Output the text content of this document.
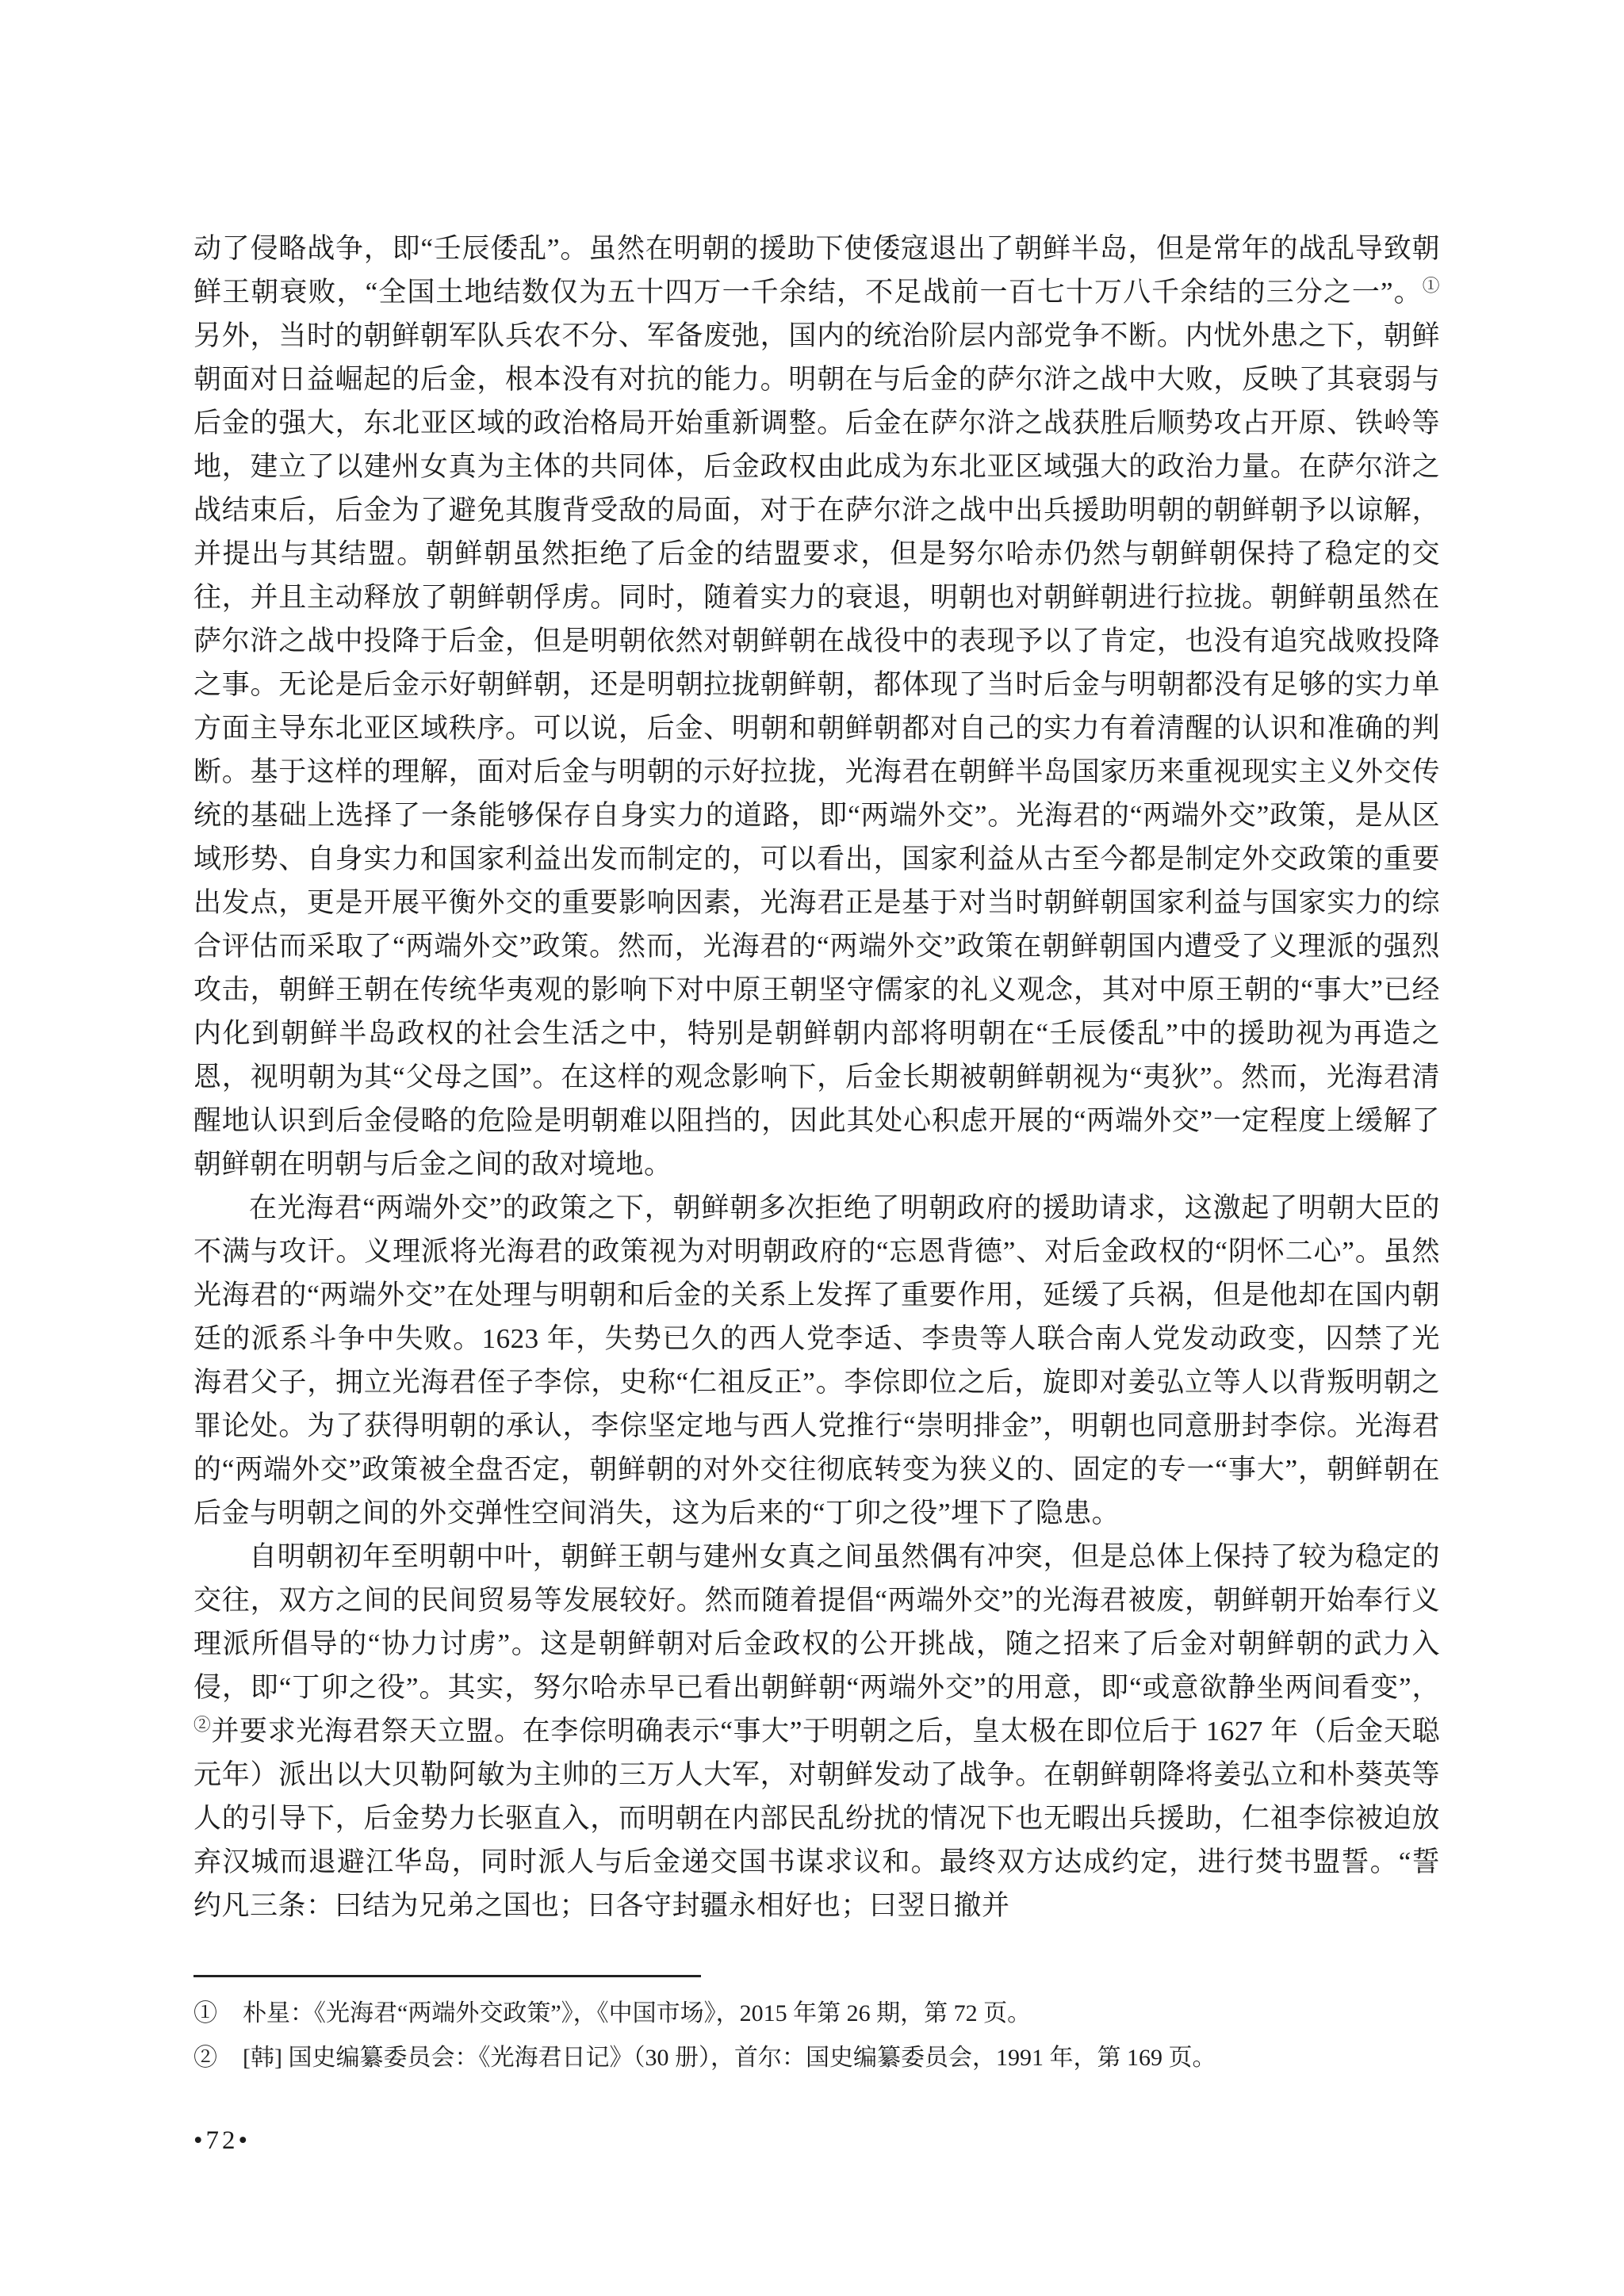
动了侵略战争，即“壬辰倭乱”。虽然在明朝的援助下使倭寇退出了朝鲜半岛，但是常年的战乱导致朝鲜王朝衰败，“全国土地结数仅为五十四万一千余结，不足战前一百七十万八千余结的三分之一”。①另外，当时的朝鲜朝军队兵农不分、军备废弛，国内的统治阶层内部党争不断。内忧外患之下，朝鲜朝面对日益崛起的后金，根本没有对抗的能力。明朝在与后金的萨尔浒之战中大败，反映了其衰弱与后金的强大，东北亚区域的政治格局开始重新调整。后金在萨尔浒之战获胜后顺势攻占开原、铁岭等地，建立了以建州女真为主体的共同体，后金政权由此成为东北亚区域强大的政治力量。在萨尔浒之战结束后，后金为了避免其腹背受敌的局面，对于在萨尔浒之战中出兵援助明朝的朝鲜朝予以谅解，并提出与其结盟。朝鲜朝虽然拒绝了后金的结盟要求，但是努尔哈赤仍然与朝鲜朝保持了稳定的交往，并且主动释放了朝鲜朝俘虏。同时，随着实力的衰退，明朝也对朝鲜朝进行拉拢。朝鲜朝虽然在萨尔浒之战中投降于后金，但是明朝依然对朝鲜朝在战役中的表现予以了肯定，也没有追究战败投降之事。无论是后金示好朝鲜朝，还是明朝拉拢朝鲜朝，都体现了当时后金与明朝都没有足够的实力单方面主导东北亚区域秩序。可以说，后金、明朝和朝鲜朝都对自己的实力有着清醒的认识和准确的判断。基于这样的理解，面对后金与明朝的示好拉拢，光海君在朝鲜半岛国家历来重视现实主义外交传统的基础上选择了一条能够保存自身实力的道路，即“两端外交”。光海君的“两端外交”政策，是从区域形势、自身实力和国家利益出发而制定的，可以看出，国家利益从古至今都是制定外交政策的重要出发点，更是开展平衡外交的重要影响因素，光海君正是基于对当时朝鲜朝国家利益与国家实力的综合评估而采取了“两端外交”政策。然而，光海君的“两端外交”政策在朝鲜朝国内遭受了义理派的强烈攻击，朝鲜王朝在传统华夷观的影响下对中原王朝坚守儒家的礼义观念，其对中原王朝的“事大”已经内化到朝鲜半岛政权的社会生活之中，特别是朝鲜朝内部将明朝在“壬辰倭乱”中的援助视为再造之恩，视明朝为其“父母之国”。在这样的观念影响下，后金长期被朝鲜朝视为“夷狄”。然而，光海君清醒地认识到后金侵略的危险是明朝难以阻挡的，因此其处心积虑开展的“两端外交”一定程度上缓解了朝鲜朝在明朝与后金之间的敌对境地。

在光海君“两端外交”的政策之下，朝鲜朝多次拒绝了明朝政府的援助请求，这激起了明朝大臣的不满与攻讦。义理派将光海君的政策视为对明朝政府的“忘恩背德”、对后金政权的“阴怀二心”。虽然光海君的“两端外交”在处理与明朝和后金的关系上发挥了重要作用，延缓了兵祸，但是他却在国内朝廷的派系斗争中失败。1623 年，失势已久的西人党李适、李贵等人联合南人党发动政变，囚禁了光海君父子，拥立光海君侄子李倧，史称“仁祖反正”。李倧即位之后，旋即对姜弘立等人以背叛明朝之罪论处。为了获得明朝的承认，李倧坚定地与西人党推行“崇明排金”，明朝也同意册封李倧。光海君的“两端外交”政策被全盘否定，朝鲜朝的对外交往彻底转变为狭义的、固定的专一“事大”，朝鲜朝在后金与明朝之间的外交弹性空间消失，这为后来的“丁卯之役”埋下了隐患。

自明朝初年至明朝中叶，朝鲜王朝与建州女真之间虽然偶有冲突，但是总体上保持了较为稳定的交往，双方之间的民间贸易等发展较好。然而随着提倡“两端外交”的光海君被废，朝鲜朝开始奉行义理派所倡导的“协力讨虏”。这是朝鲜朝对后金政权的公开挑战，随之招来了后金对朝鲜朝的武力入侵，即“丁卯之役”。其实，努尔哈赤早已看出朝鲜朝“两端外交”的用意，即“或意欲静坐两间看变”，②并要求光海君祭天立盟。在李倧明确表示“事大”于明朝之后，皇太极在即位后于 1627 年（后金天聪元年）派出以大贝勒阿敏为主帅的三万人大军，对朝鲜发动了战争。在朝鲜朝降将姜弘立和朴葵英等人的引导下，后金势力长驱直入，而明朝在内部民乱纷扰的情况下也无暇出兵援助，仁祖李倧被迫放弃汉城而退避江华岛，同时派人与后金递交国书谋求议和。最终双方达成约定，进行焚书盟誓。“誓约凡三条：曰结为兄弟之国也；曰各守封疆永相好也；曰翌日撤并

①	朴星：《光海君“两端外交政策”》，《中国市场》，2015 年第 26 期，第 72 页。
②	[韩] 国史编纂委员会：《光海君日记》（30 册），首尔：国史编纂委员会，1991 年，第 169 页。
•72•
